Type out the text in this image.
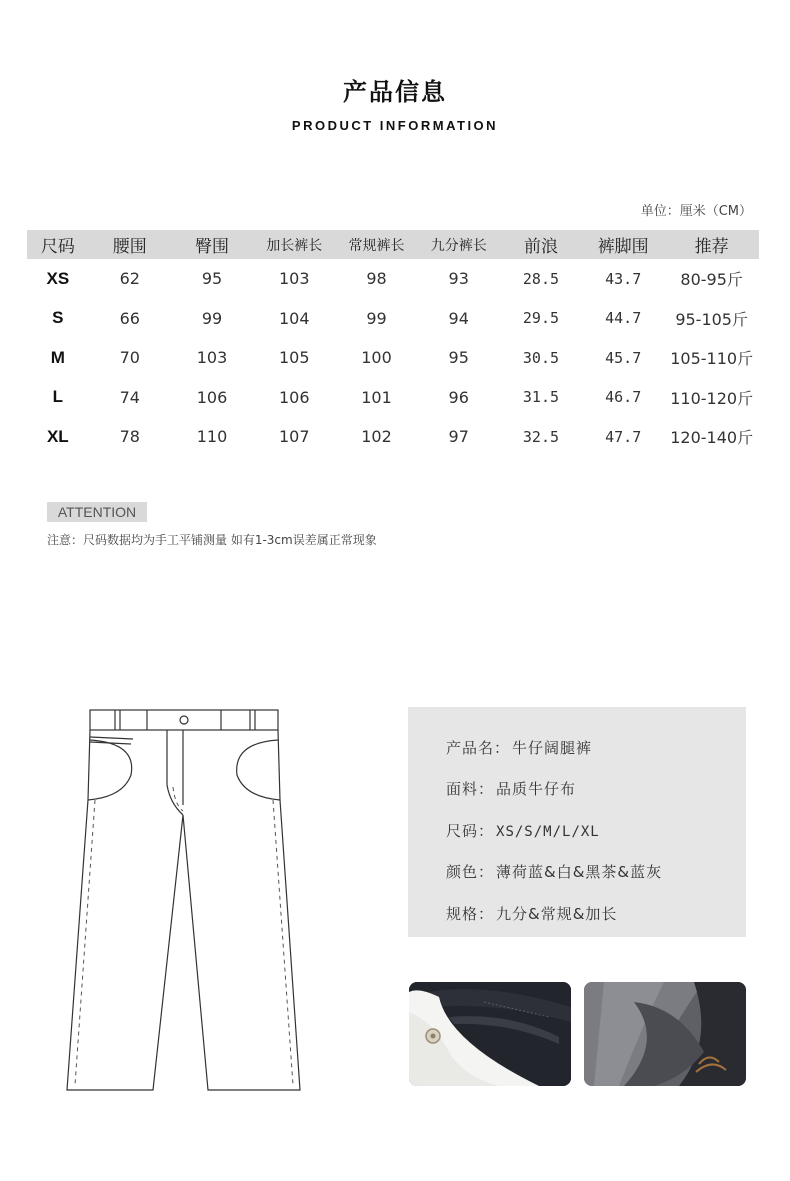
产品信息
PRODUCT INFORMATION
单位：厘米（CM）
尺码	腰围	臀围	加长裤长	常规裤长	九分裤长	前浪	裤脚围	推荐
XS	62	95	103	98	93	28.5	43.7	80-95斤
S	66	99	104	99	94	29.5	44.7	95-105斤
M	70	103	105	100	95	30.5	45.7	105-110斤
L	74	106	106	101	96	31.5	46.7	110-120斤
XL	78	110	107	102	97	32.5	47.7	120-140斤
ATTENTION
注意：尺码数据均为手工平铺测量 如有1-3cm误差属正常现象
产品名： 牛仔阔腿裤
面料： 品质牛仔布
尺码： XS/S/M/L/XL
颜色： 薄荷蓝&白&黑茶&蓝灰
规格： 九分&常规&加长
